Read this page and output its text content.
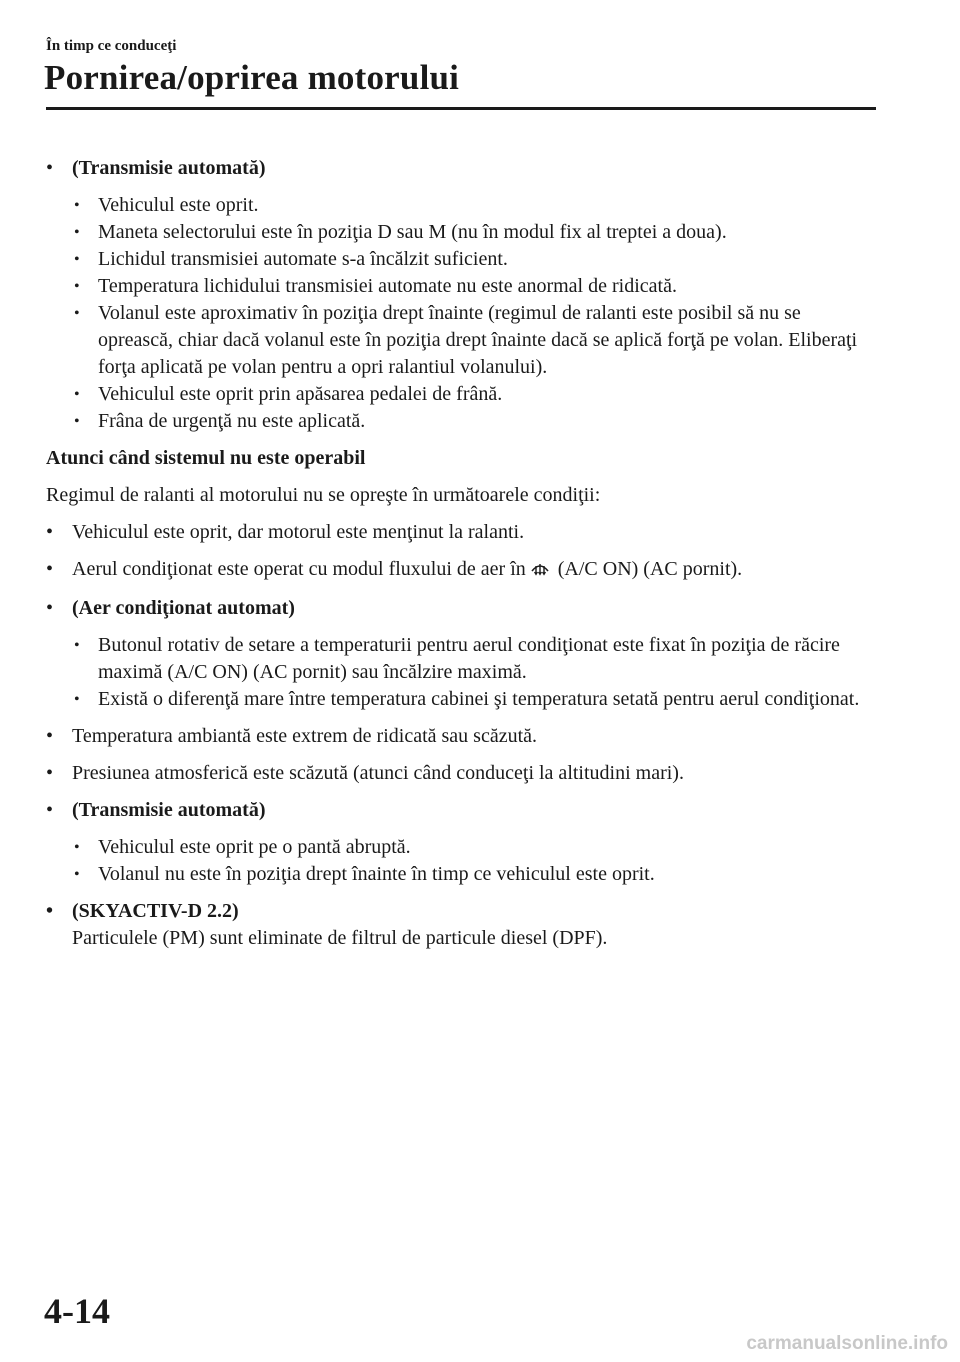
În timp ce conduceţi
Pornirea/oprirea motorului
• (Transmisie automată)
• Vehiculul este oprit.
• Maneta selectorului este în poziţia D sau M (nu în modul fix al treptei a doua).
• Lichidul transmisiei automate s-a încălzit suficient.
• Temperatura lichidului transmisiei automate nu este anormal de ridicată.
• Volanul este aproximativ în poziţia drept înainte (regimul de ralanti este posibil să nu se oprească, chiar dacă volanul este în poziţia drept înainte dacă se aplică forţă pe volan. Eliberaţi forţa aplicată pe volan pentru a opri ralantiul volanului).
• Vehiculul este oprit prin apăsarea pedalei de frână.
• Frâna de urgenţă nu este aplicată.
Atunci când sistemul nu este operabil
Regimul de ralanti al motorului nu se opreşte în următoarele condiţii:
• Vehiculul este oprit, dar motorul este menţinut la ralanti.
• Aerul condiţionat este operat cu modul fluxului de aer în (A/C ON) (AC pornit).
• (Aer condiţionat automat)
• Butonul rotativ de setare a temperaturii pentru aerul condiţionat este fixat în poziţia de răcire maximă (A/C ON) (AC pornit) sau încălzire maximă.
• Există o diferenţă mare între temperatura cabinei şi temperatura setată pentru aerul condiţionat.
• Temperatura ambiantă este extrem de ridicată sau scăzută.
• Presiunea atmosferică este scăzută (atunci când conduceţi la altitudini mari).
• (Transmisie automată)
• Vehiculul este oprit pe o pantă abruptă.
• Volanul nu este în poziţia drept înainte în timp ce vehiculul este oprit.
• (SKYACTIV-D 2.2)
Particulele (PM) sunt eliminate de filtrul de particule diesel (DPF).
4-14
carmanualsonline.info
